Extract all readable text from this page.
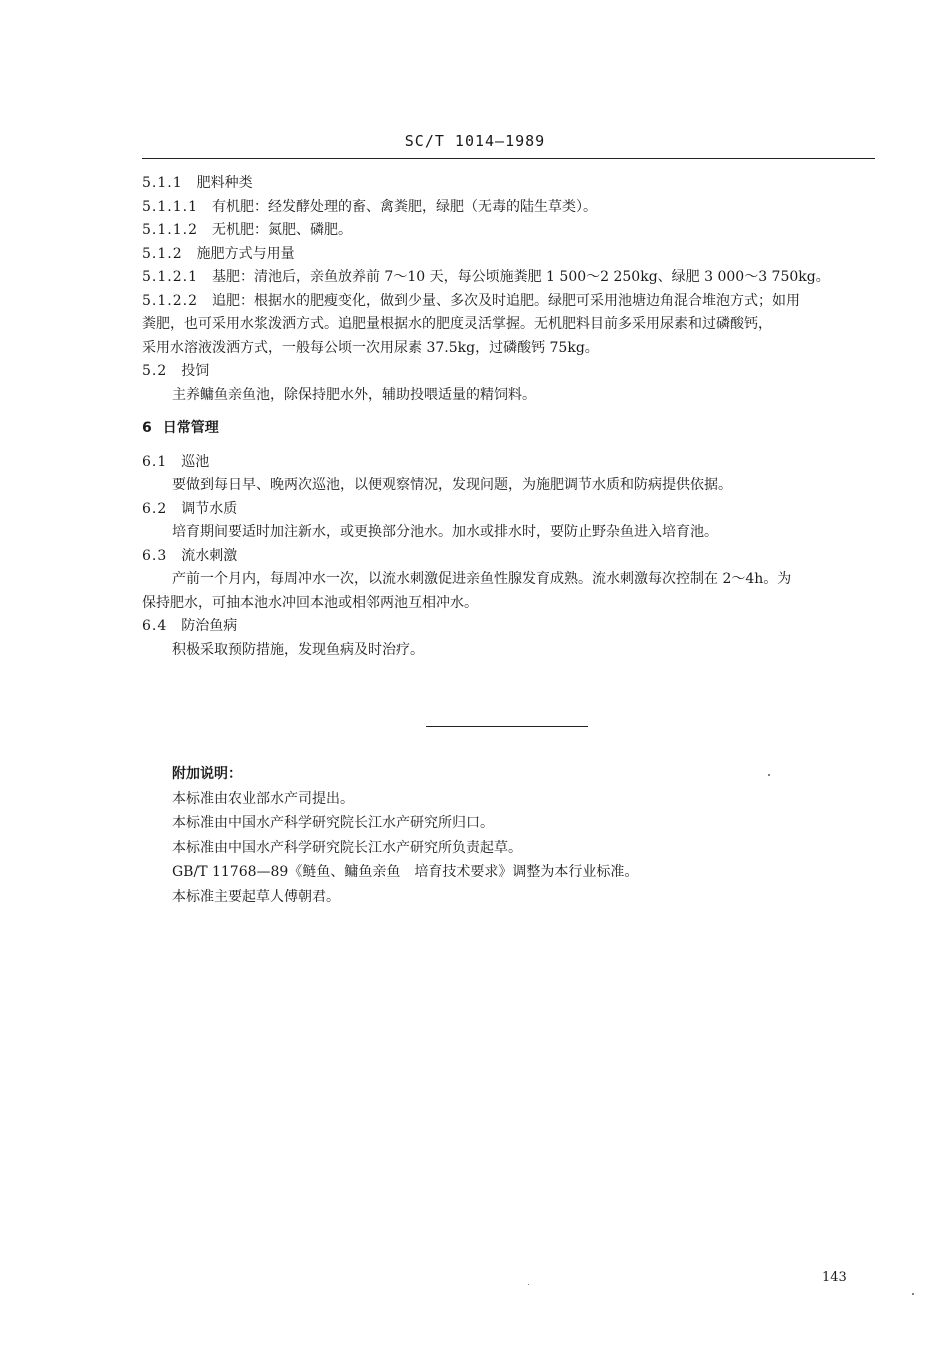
SC/T 1014—1989
5.1.1 肥料种类
5.1.1.1 有机肥：经发酵处理的畜、禽粪肥，绿肥（无毒的陆生草类）。
5.1.1.2 无机肥：氮肥、磷肥。
5.1.2 施肥方式与用量
5.1.2.1 基肥：清池后，亲鱼放养前 7～10 天，每公顷施粪肥 1 500～2 250kg、绿肥 3 000～3 750kg。
5.1.2.2 追肥：根据水的肥瘦变化，做到少量、多次及时追肥。绿肥可采用池塘边角混合堆泡方式；如用
粪肥，也可采用水浆泼洒方式。追肥量根据水的肥度灵活掌握。无机肥料目前多采用尿素和过磷酸钙，
采用水溶液泼洒方式，一般每公顷一次用尿素 37.5kg，过磷酸钙 75kg。
5.2 投饲
主养鳙鱼亲鱼池，除保持肥水外，辅助投喂适量的精饲料。
6 日常管理
6.1 巡池
要做到每日早、晚两次巡池，以便观察情况，发现问题，为施肥调节水质和防病提供依据。
6.2 调节水质
培育期间要适时加注新水，或更换部分池水。加水或排水时，要防止野杂鱼进入培育池。
6.3 流水刺激
产前一个月内，每周冲水一次，以流水刺激促进亲鱼性腺发育成熟。流水刺激每次控制在 2～4h。为
保持肥水，可抽本池水冲回本池或相邻两池互相冲水。
6.4 防治鱼病
积极采取预防措施，发现鱼病及时治疗。
附加说明：
本标准由农业部水产司提出。
本标准由中国水产科学研究院长江水产研究所归口。
本标准由中国水产科学研究院长江水产研究所负责起草。
GB/T 11768—89《鲢鱼、鳙鱼亲鱼　培育技术要求》调整为本行业标准。
本标准主要起草人傅朝君。
143
